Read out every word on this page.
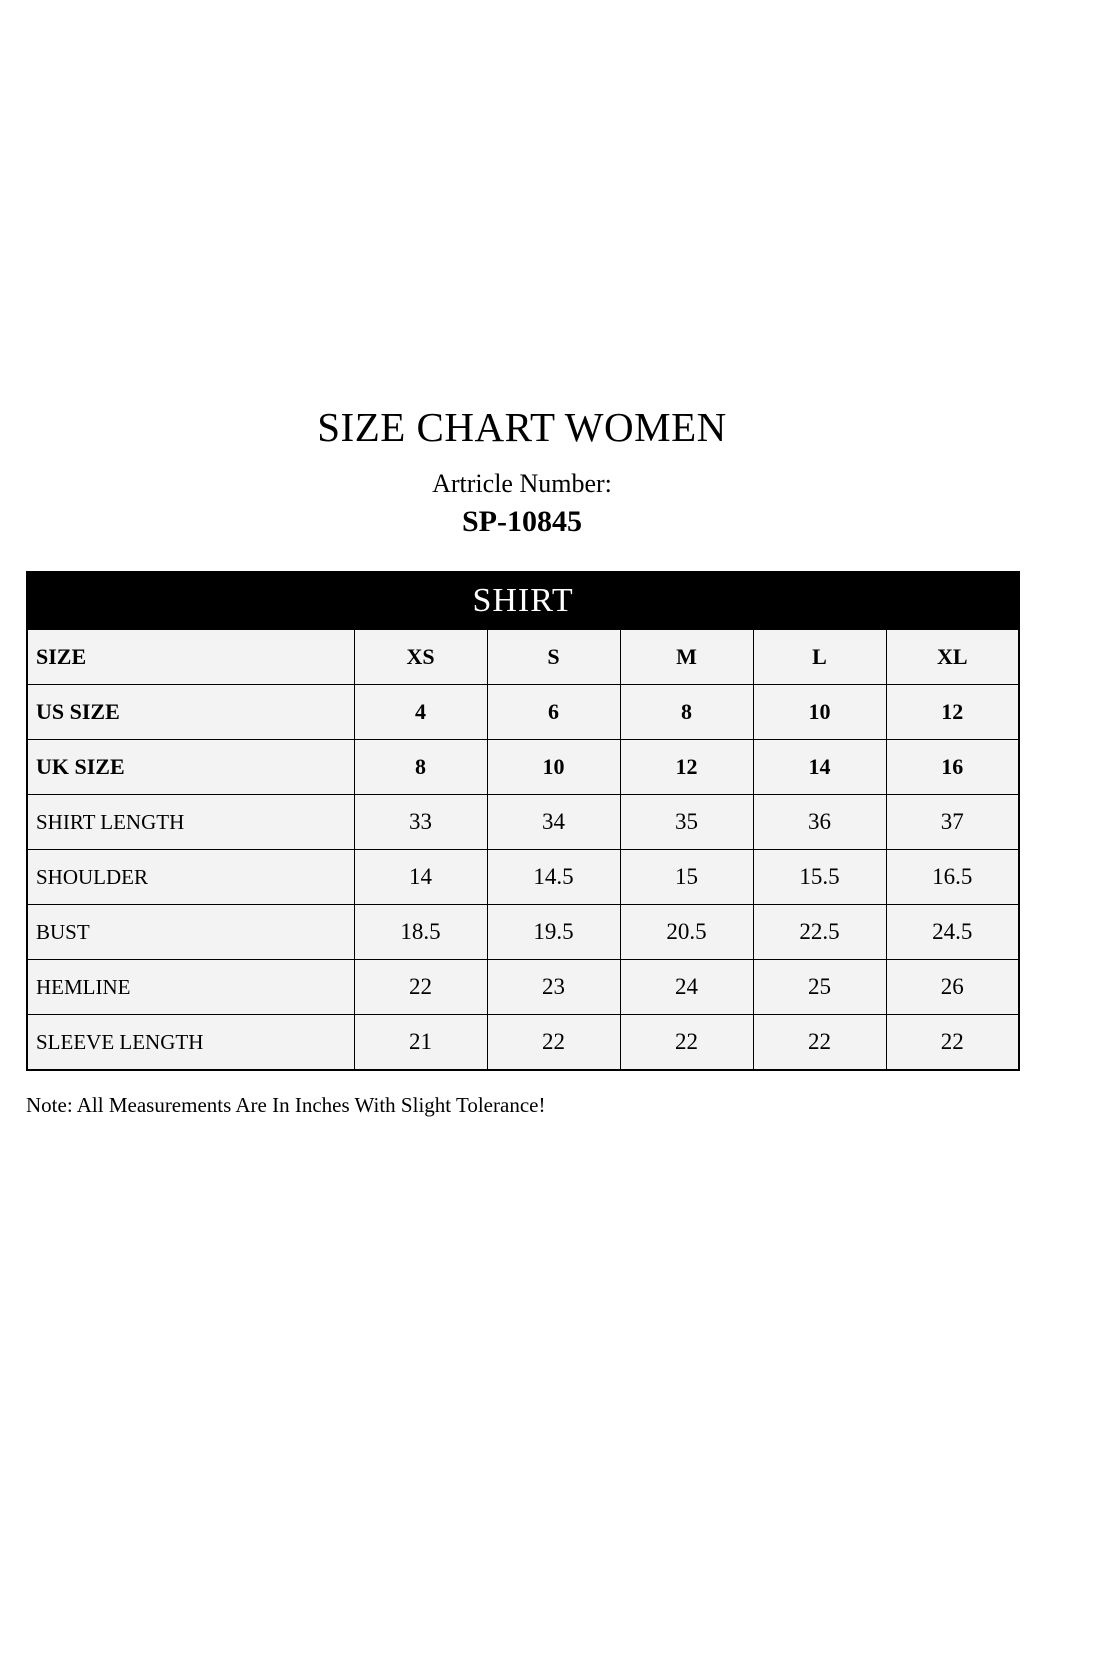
SIZE CHART WOMEN
Artricle Number:
SP-10845
SHIRT					
SIZE	XS	S	M	L	XL
US SIZE	4	6	8	10	12
UK SIZE	8	10	12	14	16
SHIRT LENGTH	33	34	35	36	37
SHOULDER	14	14.5	15	15.5	16.5
BUST	18.5	19.5	20.5	22.5	24.5
HEMLINE	22	23	24	25	26
SLEEVE LENGTH	21	22	22	22	22
Note: All Measurements Are In Inches With Slight Tolerance!
